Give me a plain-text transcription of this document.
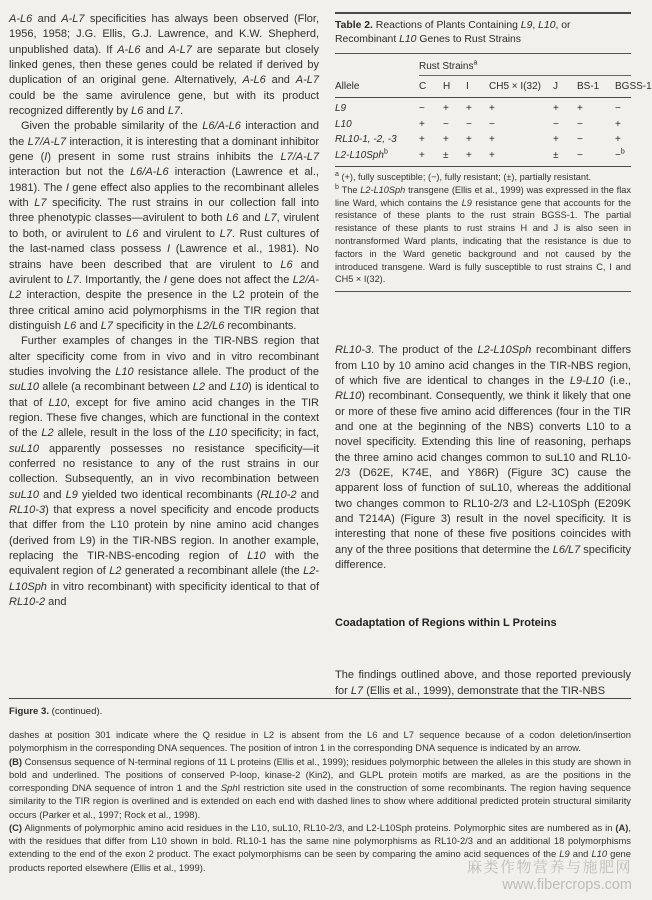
A-L6 and A-L7 specificities has always been observed (Flor, 1956, 1958; J.G. Ellis, G.J. Lawrence, and K.W. Shepherd, unpublished data). If A-L6 and A-L7 are separate but closely linked genes, then these genes could be related if derived by duplication of an original gene. Alternatively, A-L6 and A-L7 could be the same avirulence gene, but with its product recognized differently by L6 and L7.

Given the probable similarity of the L6/A-L6 interaction and the L7/A-L7 interaction, it is interesting that a dominant inhibitor gene (I) present in some rust strains inhibits the L7/A-L7 interaction but not the L6/A-L6 interaction (Lawrence et al., 1981). The I gene effect also applies to the recombinant alleles with L7 specificity. The rust strains in our collection fall into three phenotypic classes—avirulent to both L6 and L7, virulent to both, or avirulent to L6 and virulent to L7. Rust cultures of the last-named class possess I (Lawrence et al., 1981). No strains have been described that are virulent to L6 and avirulent to L7. Importantly, the I gene does not affect the L2/A-L2 interaction, despite the presence in the L2 protein of the three critical amino acid polymorphisms in the TIR region that distinguish L6 and L7 specificity in the L2/L6 recombinants.

Further examples of changes in the TIR-NBS region that alter specificity come from in vivo and in vitro recombinant studies involving the L10 resistance allele. The product of the suL10 allele (a recombinant between L2 and L10) is identical to that of L10, except for five amino acid changes in the TIR region. These five changes, which are functional in the context of the L2 allele, result in the loss of the L10 specificity; in fact, suL10 apparently possesses no resistance specificity—it conferred no resistance to any of the rust strains in our collection. Subsequently, an in vivo recombination between suL10 and L9 yielded two identical recombinants (RL10-2 and RL10-3) that express a novel specificity and encode products that differ from the L10 protein by nine amino acid changes (derived from L9) in the TIR-NBS region. In another example, replacing the TIR-NBS-encoding region of L10 with the equivalent region of L2 generated a recombinant allele (the L2-L10Sph in vitro recombinant) with specificity identical to that of RL10-2 and

Table 2. Reactions of Plants Containing L9, L10, or Recombinant L10 Genes to Rust Strains
	Rust Strains$^a$
Allele	C	H	I	CH5 × I(32)	J	BS-1	BGSS-1
L9	−	+	+	+	+	+	−
L10	+	−	−	−	−	−	+
RL10-1, -2, -3	+	+	+	+	+	−	+
L2-L10Sph$^b$	+	±	+	+	±	−	−$^b$

$^a$ (+), fully susceptible; (−), fully resistant; (±), partially resistant.

$^b$ The L2-L10Sph transgene (Ellis et al., 1999) was expressed in the flax line Ward, which contains the L9 resistance gene that accounts for the resistance of these plants to the rust strain BGSS-1. The partial resistance of these plants to rust strains H and J is also seen in nontransformed Ward plants, indicating that the resistance is due to factors in the Ward genetic background and not caused by the introduced transgene. Ward is fully susceptible to rust strains C, I and CH5 × I(32).

RL10-3. The product of the L2-L10Sph recombinant differs from L10 by 10 amino acid changes in the TIR-NBS region, of which five are identical to changes in the L9-L10 (i.e., RL10) recombinant. Consequently, we think it likely that one or more of these five amino acid differences (four in the TIR and one at the beginning of the NBS) converts L10 to a novel specificity. Extending this line of reasoning, perhaps the three amino acid changes common to suL10 and RL10-2/3 (D62E, K74E, and Y86R) (Figure 3C) cause the apparent loss of function of suL10, whereas the additional two changes common to RL10-2/3 and L2-L10Sph (E209K and T214A) (Figure 3) result in the novel specificity. It is interesting that none of these five positions coincides with any of the three positions that determine the L6/L7 specificity difference.

Coadaptation of Regions within L Proteins

The findings outlined above, and those reported previously for L7 (Ellis et al., 1999), demonstrate that the TIR-NBS

Figure 3. (continued).

dashes at position 301 indicate where the Q residue in L2 is absent from the L6 and L7 sequence because of a codon deletion/insertion polymorphism in the corresponding DNA sequences. The position of intron 1 in the corresponding DNA sequence is indicated by an arrow.

(B) Consensus sequence of N-terminal regions of 11 L proteins (Ellis et al., 1999); residues polymorphic between the alleles in this study are shown in bold and underlined. The positions of conserved P-loop, kinase-2 (Kin2), and GLPL protein motifs are marked, as are the positions in the corresponding DNA sequence of intron 1 and the SphI restriction site used in the construction of some recombinants. The region having sequence similarity to the TIR region is overlined and is extended on each end with dashed lines to show where additional predicted protein structural similarity occurs (Parker et al., 1997; Rock et al., 1998).

(C) Alignments of polymorphic amino acid residues in the L10, suL10, RL10-2/3, and L2-L10Sph proteins. Polymorphic sites are numbered as in (A), with the residues that differ from L10 shown in bold. RL10-1 has the same nine polymorphisms as RL10-2/3 and an additional 18 polymorphisms extending to the end of the exon 2 product. The exact polymorphisms can be seen by comparing the amino acid sequences of the L9 and L10 gene products reported elsewhere (Ellis et al., 1999).	麻类作物营养与施肥网
www.fibercrops.com
